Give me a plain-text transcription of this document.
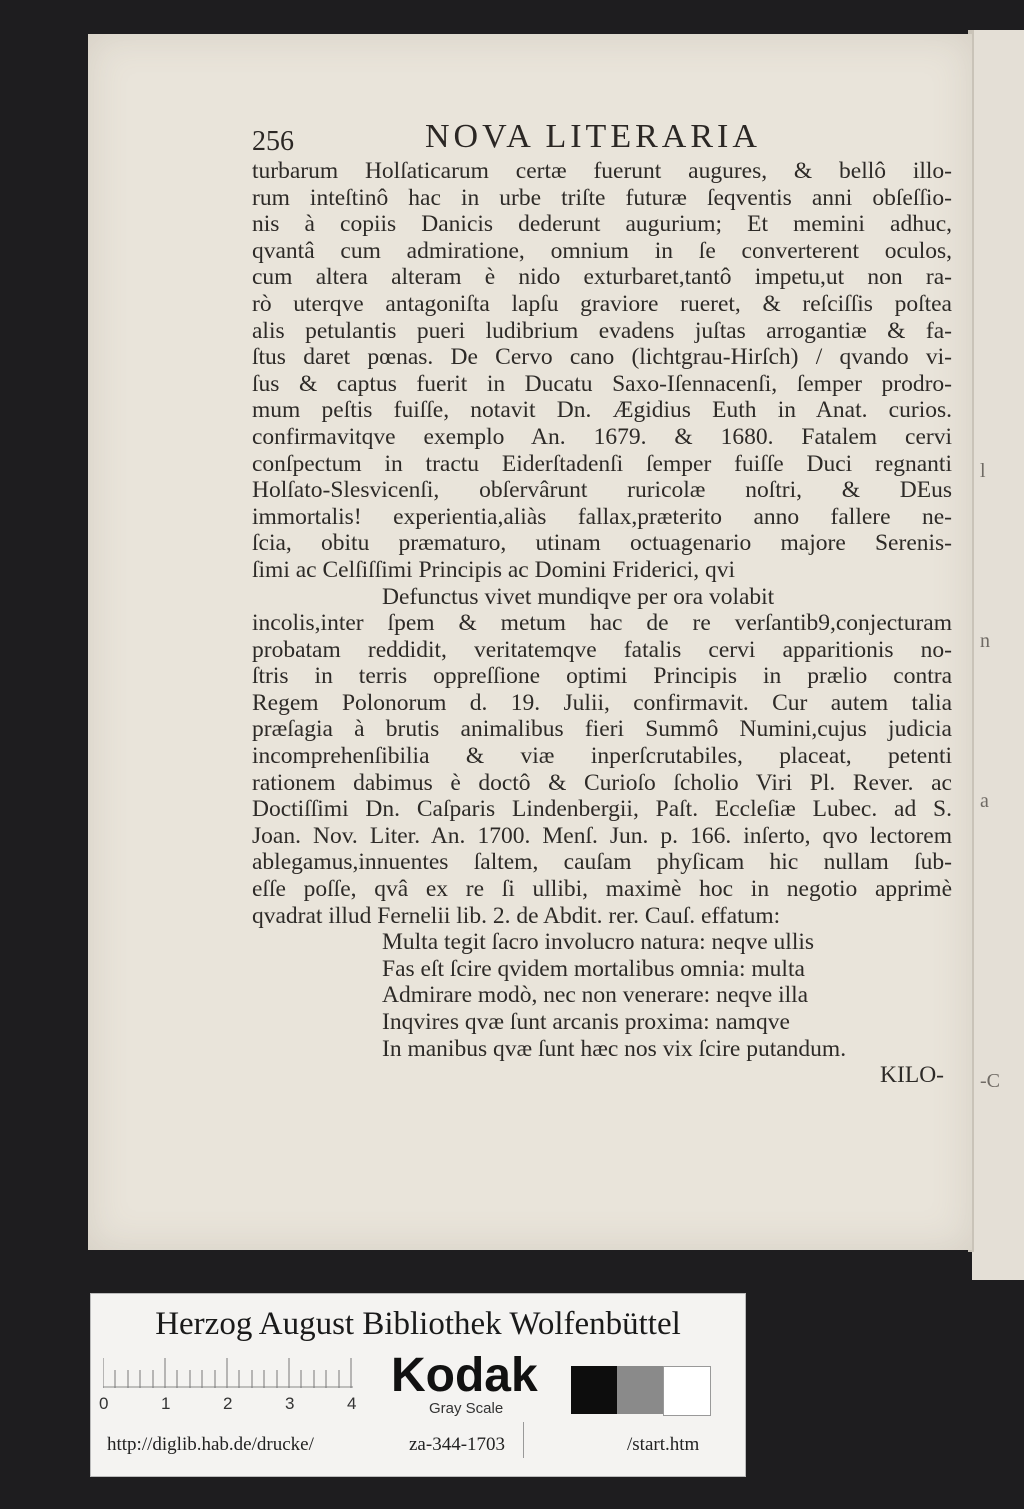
l
n
a
-C
256	NOVA LITERARIA
turbarum Holſaticarum certæ fuerunt augures, & bellô illo-
rum inteſtinô hac in urbe triſte futuræ ſeqventis anni obſeſſio-
nis à copiis Danicis dederunt augurium; Et memini adhuc,
qvantâ cum admiratione, omnium in ſe converterent oculos,
cum altera alteram è nido exturbaret,tantô impetu,ut non ra-
rò uterqve antagoniſta lapſu graviore rueret, & reſciſſis poſtea
alis petulantis pueri ludibrium evadens juſtas arrogantiæ & fa-
ſtus daret pœnas. De Cervo cano (lichtgrau-Hirſch) / qvando vi-
ſus & captus fuerit in Ducatu Saxo-Iſennacenſi, ſemper prodro-
mum peſtis fuiſſe, notavit Dn. Ægidius Euth in Anat. curios.
confirmavitqve exemplo An. 1679. & 1680. Fatalem cervi
conſpectum in tractu Eiderſtadenſi ſemper fuiſſe Duci regnanti
Holſato-Slesvicenſi, obſervârunt ruricolæ noſtri, & DEus
immortalis! experientia,aliàs fallax,præterito anno fallere ne-
ſcia, obitu præmaturo, utinam octuagenario majore Serenis-
ſimi ac Celſiſſimi Principis ac Domini Friderici, qvi
Defunctus vivet mundiqve per ora volabit
incolis,inter ſpem & metum hac de re verſantib9,conjecturam
probatam reddidit, veritatemqve fatalis cervi apparitionis no-
ſtris in terris oppreſſione optimi Principis in prælio contra
Regem Polonorum d. 19. Julii, confirmavit. Cur autem talia
præſagia à brutis animalibus fieri Summô Numini,cujus judicia
incomprehenſibilia & viæ inperſcrutabiles, placeat, petenti
rationem dabimus è doctô & Curioſo ſcholio Viri Pl. Rever. ac
Doctiſſimi Dn. Caſparis Lindenbergii, Paſt. Eccleſiæ Lubec. ad S.
Joan. Nov. Liter. An. 1700. Menſ. Jun. p. 166. inſerto, qvo lectorem
ablegamus,innuentes ſaltem, cauſam phyſicam hic nullam ſub-
eſſe poſſe, qvâ ex re ſi ullibi, maximè hoc in negotio apprimè
qvadrat illud Fernelii lib. 2. de Abdit. rer. Cauſ. effatum:
Multa tegit ſacro involucro natura: neqve ullis
Fas eſt ſcire qvidem mortalibus omnia: multa
Admirare modò, nec non venerare: neqve illa
Inqvires qvæ ſunt arcanis proxima: namqve
In manibus qvæ ſunt hæc nos vix ſcire putandum.
KILO-
Herzog August Bibliothek Wolfenbüttel
0	1	2	3	4
Kodak
Gray Scale
http://diglib.hab.de/drucke/	za-344-1703	/start.htm
